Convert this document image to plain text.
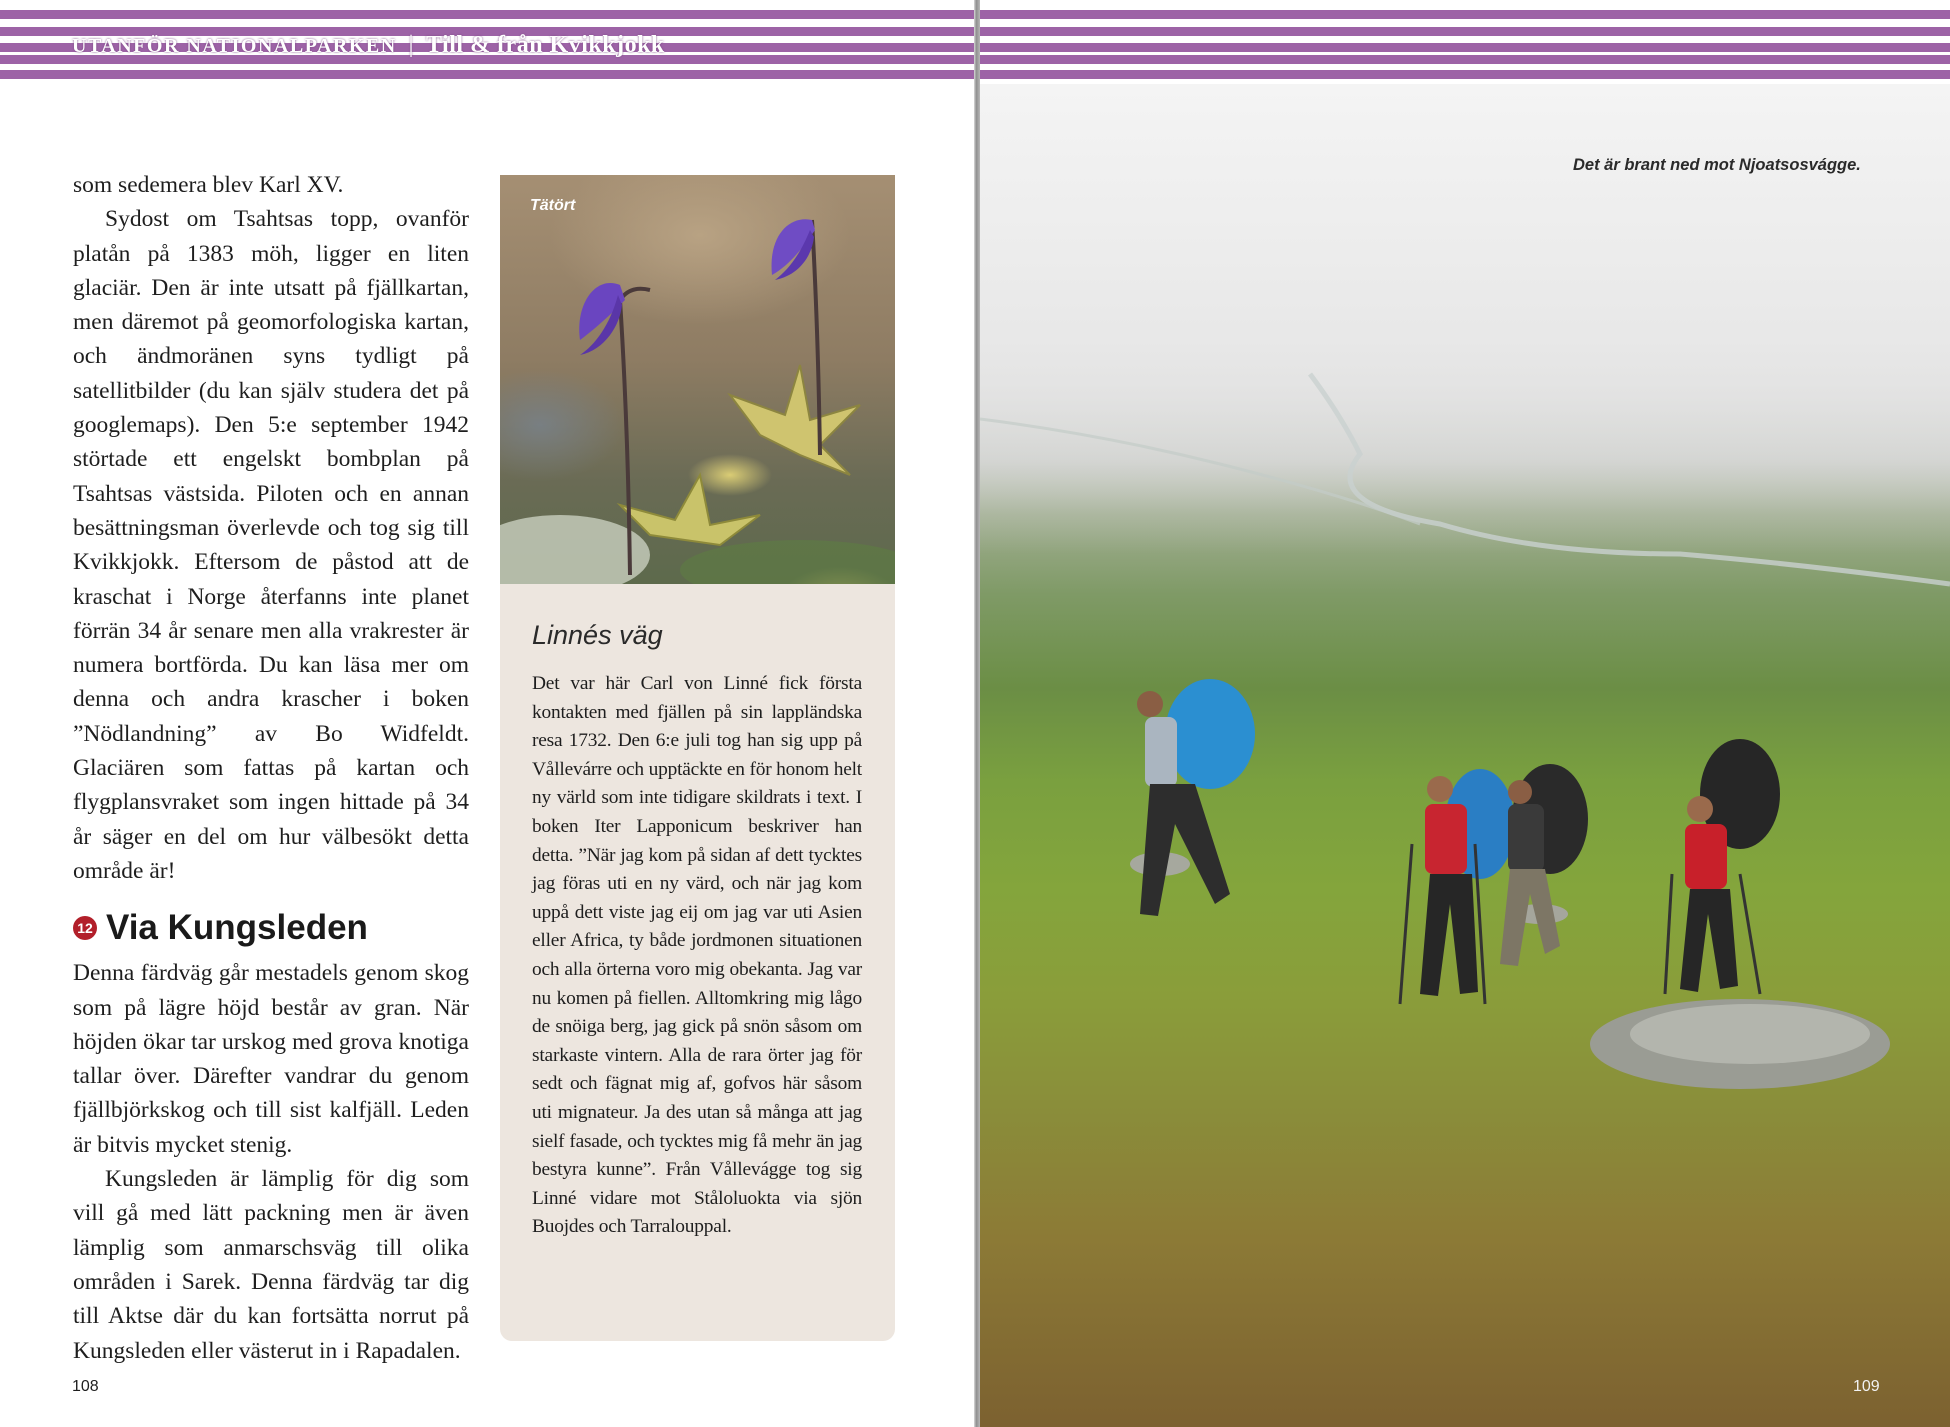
UTANFÖR NATIONALPARKEN | Till & från Kvikkjokk

som sedemera blev Karl XV.

Sydost om Tsahtsas topp, ovanför platån på 1383 möh, ligger en liten glaciär. Den är inte utsatt på fjällkartan, men däremot på geomorfologiska kartan, och ändmoränen syns tydligt på satellitbilder (du kan själv studera det på googlemaps). Den 5:e september 1942 störtade ett engelskt bombplan på Tsahtsas västsida. Piloten och en annan besättningsman överlevde och tog sig till Kvikkjokk. Eftersom de påstod att de kraschat i Norge återfanns inte planet förrän 34 år senare men alla vrakrester är numera bortförda. Du kan läsa mer om denna och andra krascher i boken ”Nödlandning” av Bo Widfeldt. Glaciären som fattas på kartan och flygplansvraket som ingen hittade på 34 år säger en del om hur välbesökt detta område är!

12 Via Kungsleden

Denna färdväg går mestadels genom skog som på lägre höjd består av gran. När höjden ökar tar urskog med grova knotiga tallar över. Därefter vandrar du genom fjällbjörkskog och till sist kalfjäll. Leden är bitvis mycket stenig.

Kungsleden är lämplig för dig som vill gå med lätt packning men är även lämplig som anmarschsväg till olika områden i Sarek. Denna färdväg tar dig till Aktse där du kan fortsätta norrut på Kungsleden eller västerut in i Rapadalen.

Tätört
Linnés väg
Det var här Carl von Linné fick första kontakten med fjällen på sin lappländska resa 1732. Den 6:e juli tog han sig upp på Vållevárre och upptäckte en för honom helt ny värld som inte tidigare skildrats i text. I boken Iter Lapponicum beskriver han detta. ”När jag kom på sidan af dett tycktes jag föras uti en ny värd, och när jag kom uppå dett viste jag eij om jag var uti Asien eller Africa, ty både jordmonen situationen och alla örterna voro mig obekanta. Jag var nu komen på fiellen. Alltomkring mig lågo de snöiga berg, jag gick på snön såsom om starkaste vintern. Alla de rara örter jag för sedt och fägnat mig af, gofvos här såsom uti mignateur. Ja des utan så många att jag sielf fasade, och tycktes mig få mehr än jag bestyra kunne”. Från Vållevágge tog sig Linné vidare mot Ståloluokta via sjön Buojdes och Tarralouppal.
108
Det är brant ned mot Njoatsosvágge.
109
